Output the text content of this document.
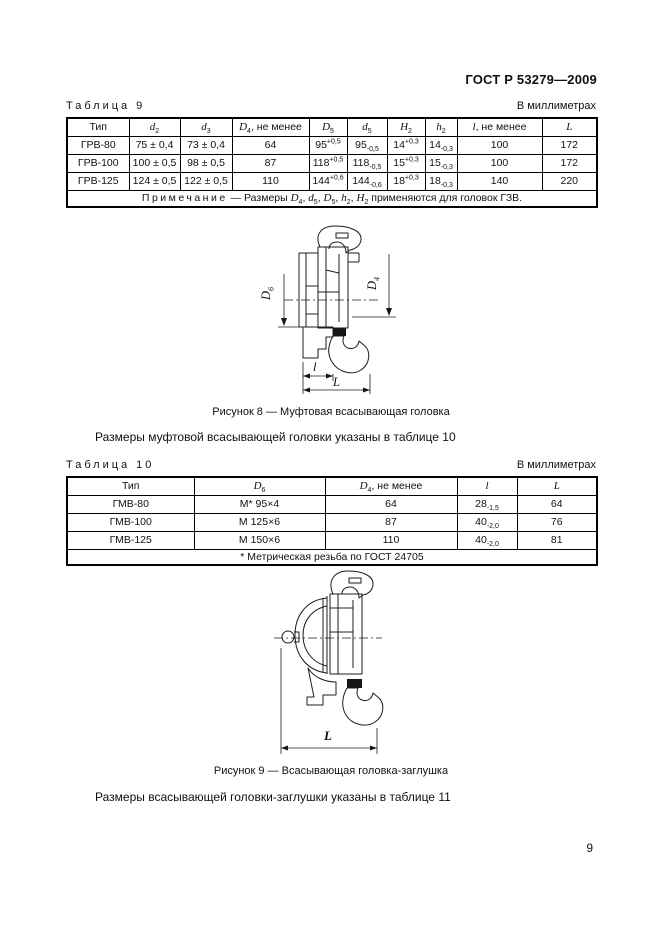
ГОСТ Р 53279—2009
Таблица 9	В миллиметрах
Тип	$d_2$	$d_3$	$D_4$, не менее	$D_5$	$d_5$	$H_2$	$h_2$	l, не менее	L
ГРВ-80	75 ± 0,4	73 ± 0,4	64	$95^{+0,5}$	$95_{-0,5}$	$14^{+0,3}$	$14_{-0,3}$	100	172
ГРВ-100	100 ± 0,5	98 ± 0,5	87	$118^{+0,5}$	$118_{-0,5}$	$15^{+0,3}$	$15_{-0,3}$	100	172
ГРВ-125	124 ± 0,5	122 ± 0,5	110	$144^{+0,6}$	$144_{-0,6}$	$18^{+0,3}$	$18_{-0,3}$	140	220
Примечание — Размеры $D_4$, $d_5$, $D_5$, $h_2$, $H_2$ применяются для головок ГЗВ.									
$D_6$	$D_4$
l
L
Рисунок 8 — Муфтовая всасывающая головка
Размеры муфтовой всасывающей головки указаны в таблице 10
Таблица 10	В миллиметрах
Тип	$D_6$	$D_4$, не менее	l	L
ГМВ-80	М* 95×4	64	$28_{-1,5}$	64
ГМВ-100	М 125×6	87	$40_{-2,0}$	76
ГМВ-125	М 150×6	110	$40_{-2,0}$	81
* Метрическая резьба по ГОСТ 24705				
L
Рисунок 9 — Всасывающая головка-заглушка
Размеры всасывающей головки-заглушки указаны в таблице 11
9
